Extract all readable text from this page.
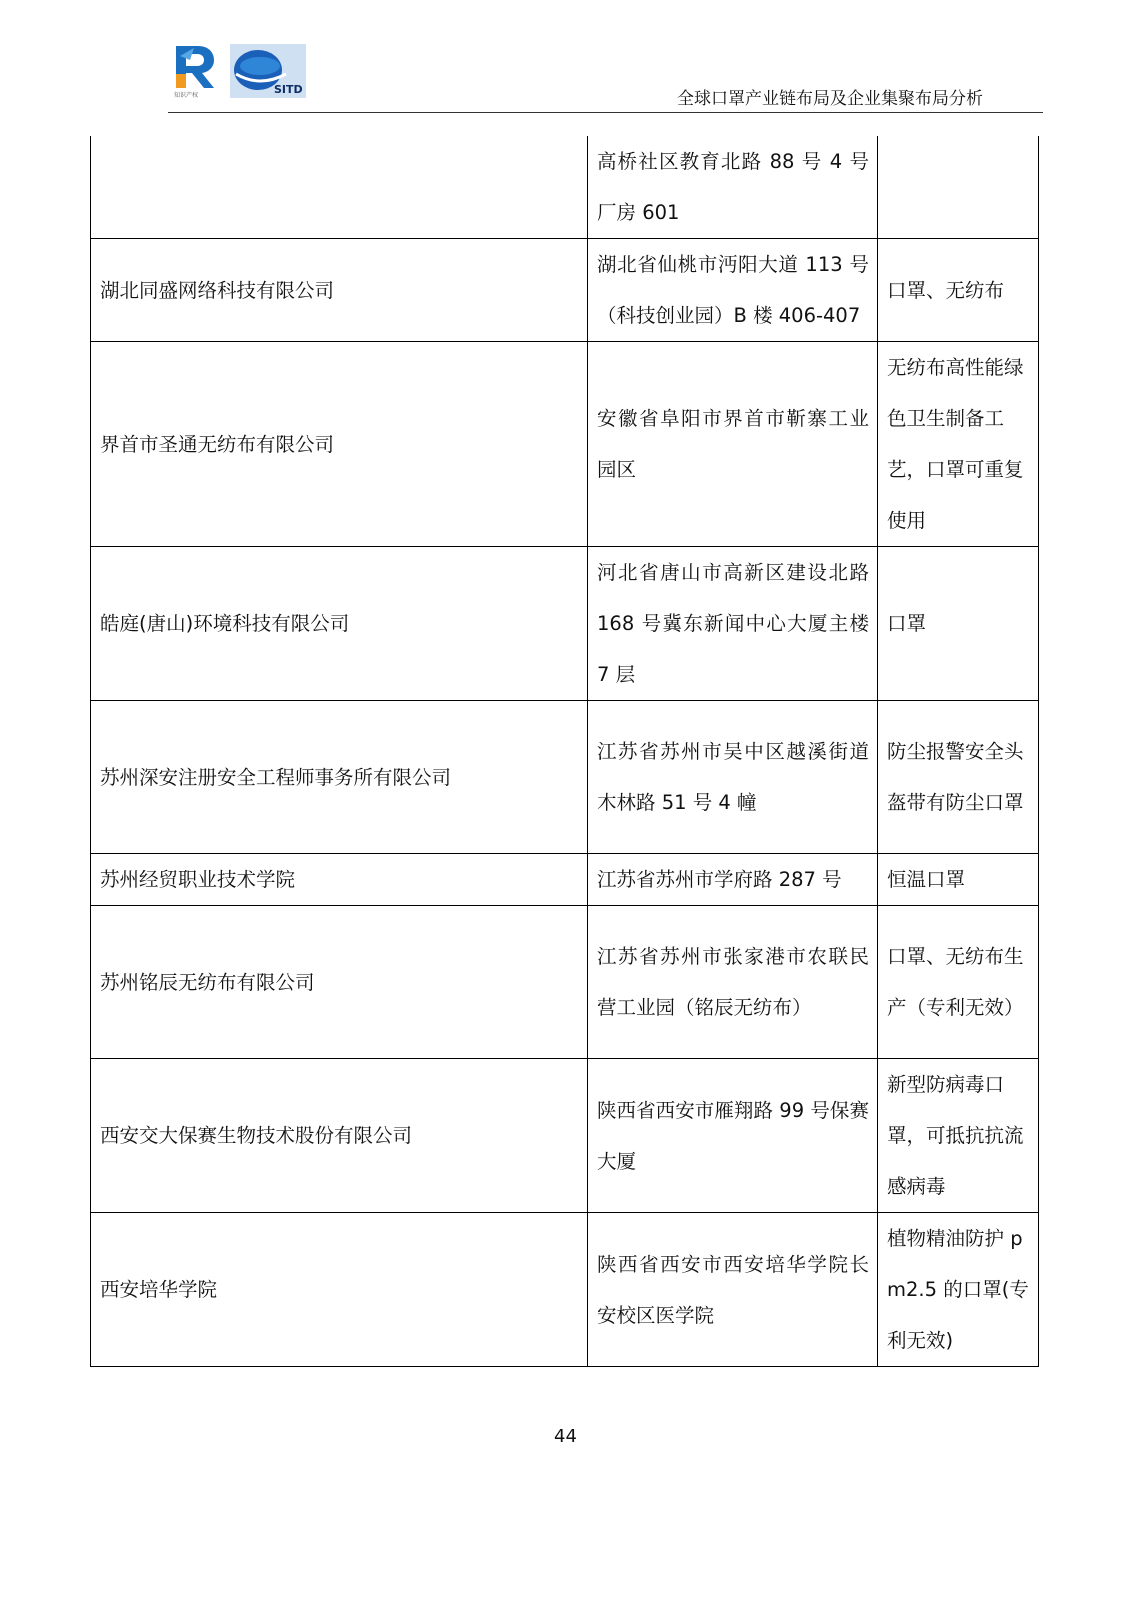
知识产权	SITD	全球口罩产业链布局及企业集聚布局分析
	高桥社区教育北路 88 号 4 号厂房 601	
湖北同盛网络科技有限公司	湖北省仙桃市沔阳大道 113 号（科技创业园）B 楼 406-407	口罩、无纺布
界首市圣通无纺布有限公司	安徽省阜阳市界首市靳寨工业园区	无纺布高性能绿色卫生制备工艺，口罩可重复使用
皓庭(唐山)环境科技有限公司	河北省唐山市高新区建设北路 168 号冀东新闻中心大厦主楼 7 层	口罩
苏州深安注册安全工程师事务所有限公司	江苏省苏州市吴中区越溪街道木林路 51 号 4 幢	防尘报警安全头盔带有防尘口罩
苏州经贸职业技术学院	江苏省苏州市学府路 287 号	恒温口罩
苏州铭辰无纺布有限公司	江苏省苏州市张家港市农联民营工业园（铭辰无纺布）	口罩、无纺布生产（专利无效）
西安交大保赛生物技术股份有限公司	陕西省西安市雁翔路 99 号保赛大厦	新型防病毒口罩，可抵抗抗流感病毒
西安培华学院	陕西省西安市西安培华学院长安校区医学院	植物精油防护 pm2.5 的口罩(专利无效)
44
